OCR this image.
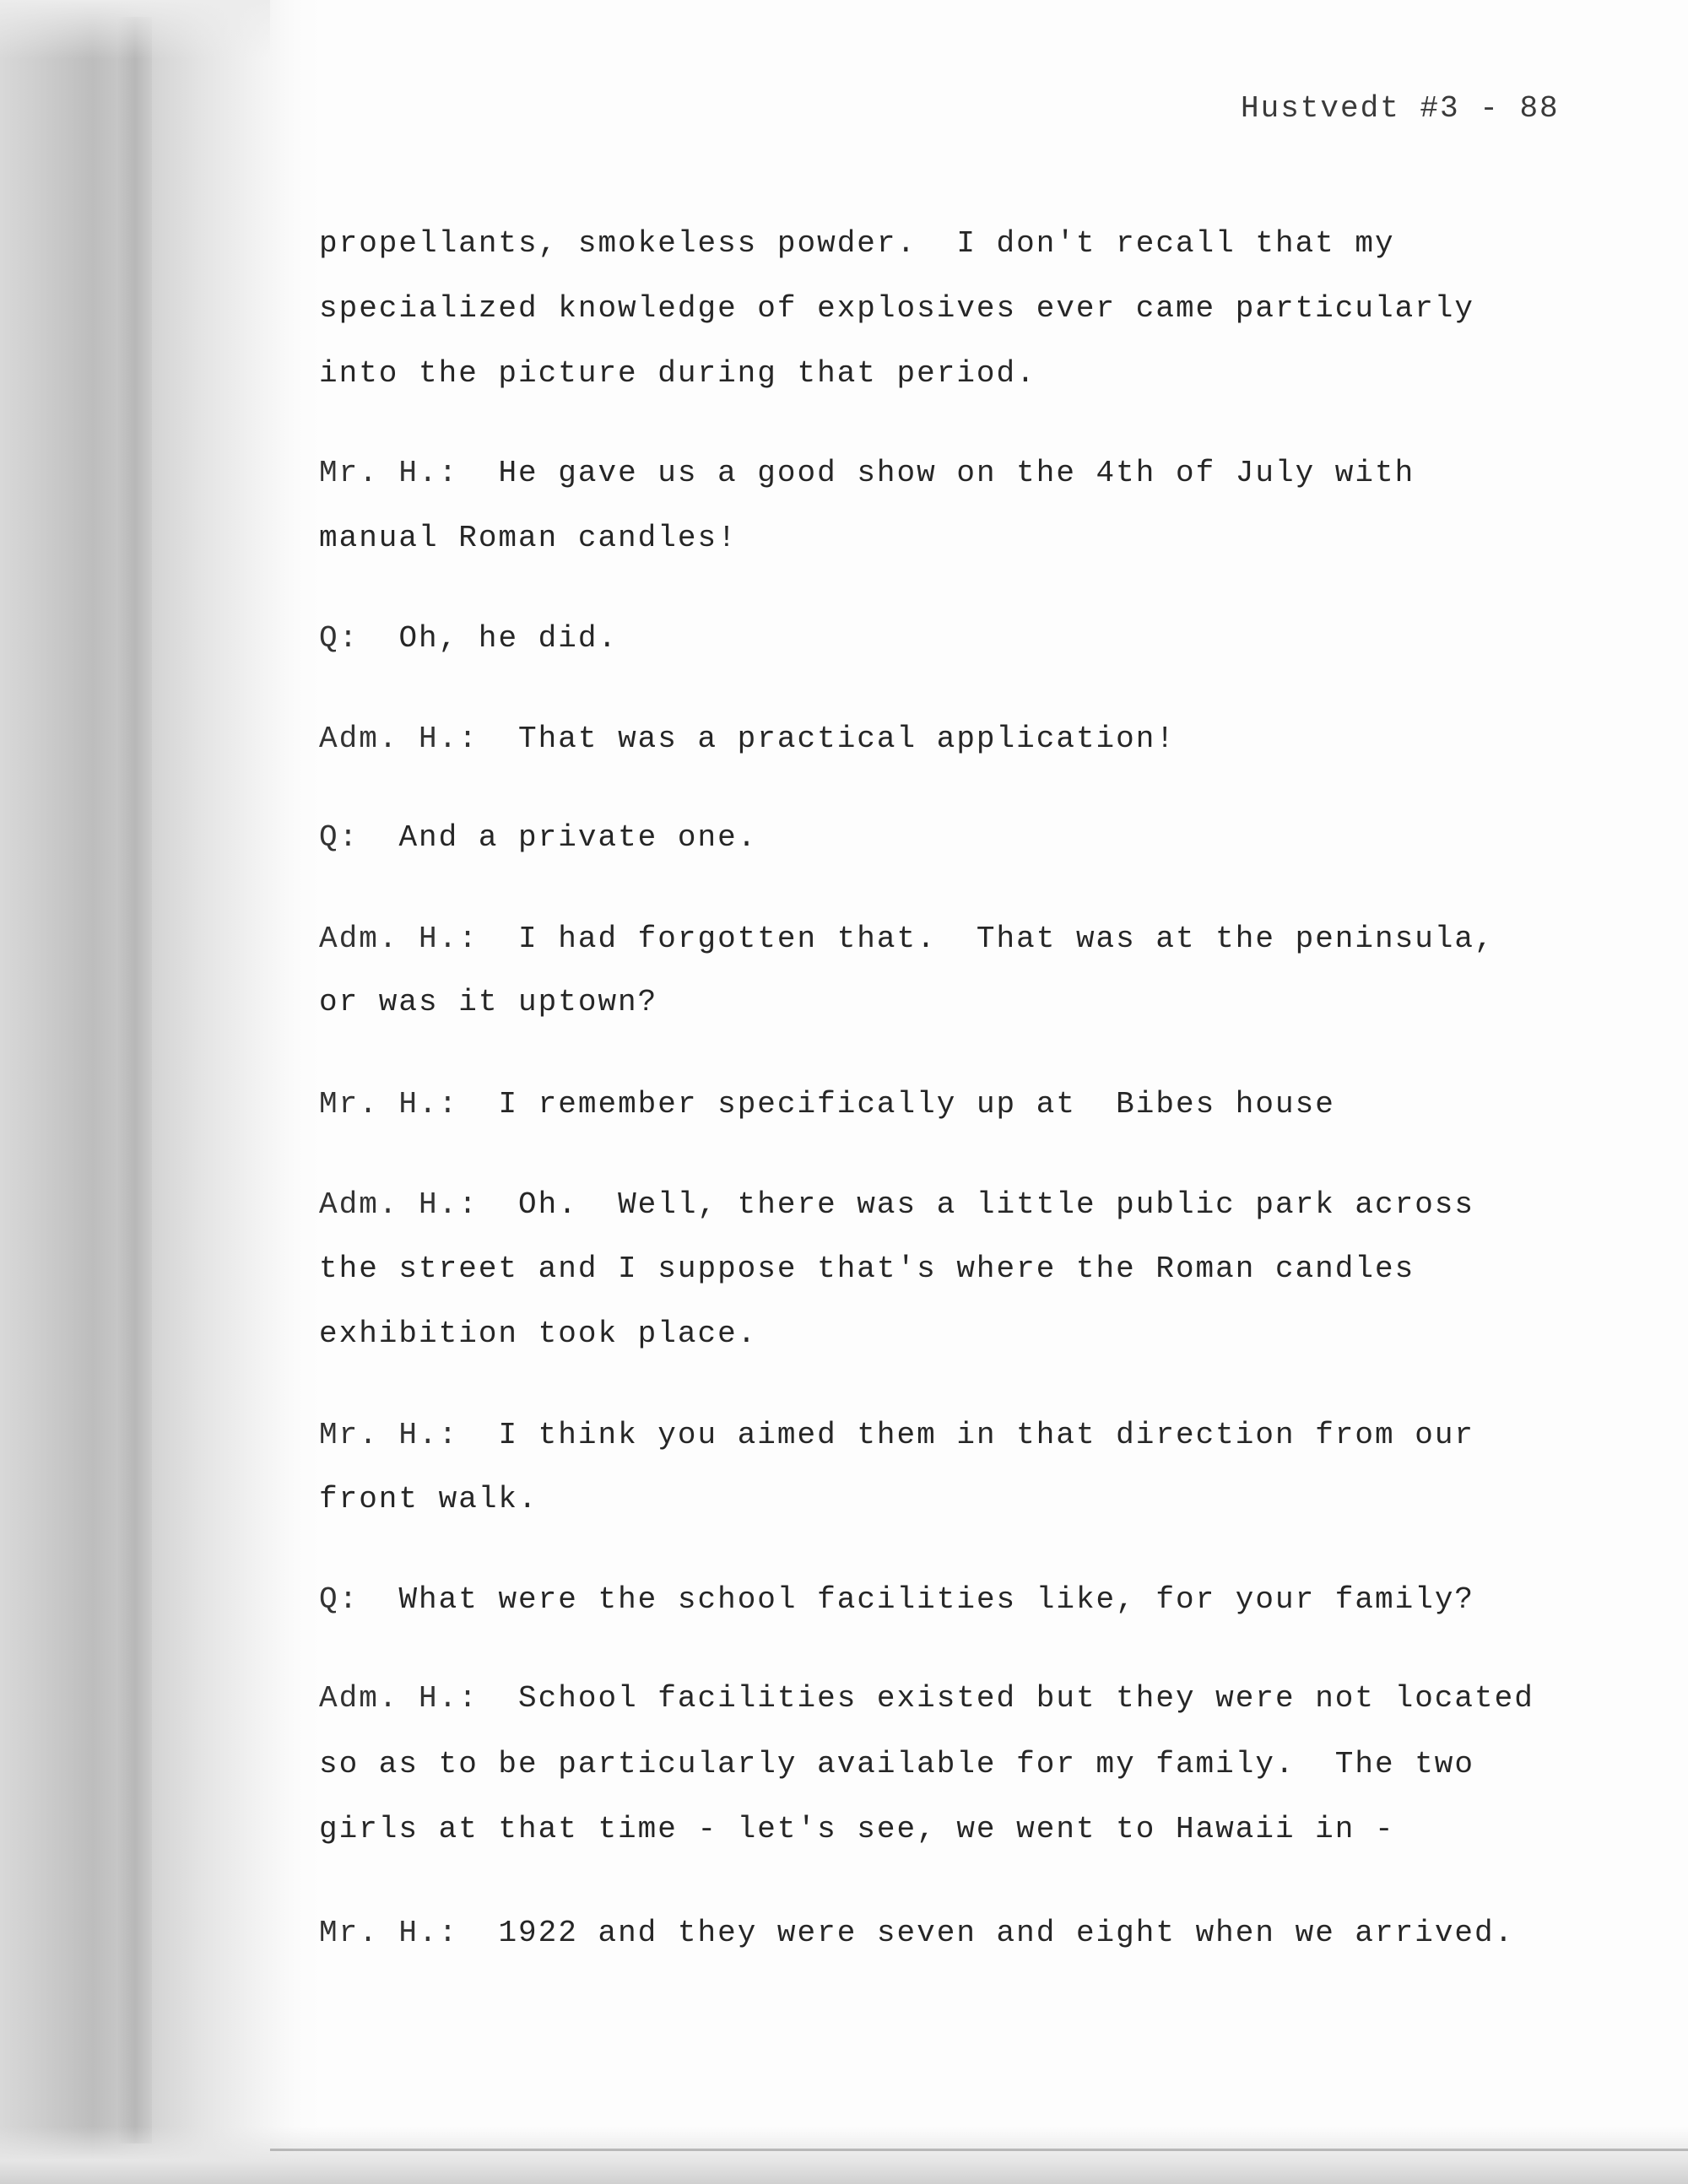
Hustvedt #3 - 88
propellants, smokeless powder.  I don't recall that my
specialized knowledge of explosives ever came particularly
into the picture during that period.
Mr. H.: He gave us a good show on the 4th of July with
manual Roman candles!
Q: Oh, he did.
Adm. H.: That was a practical application!
Q: And a private one.
Adm. H.: I had forgotten that.  That was at the peninsula,
or was it uptown?
Mr. H.: I remember specifically up at  Bibes house
Adm. H.: Oh.  Well, there was a little public park across
the street and I suppose that's where the Roman candles
exhibition took place.
Mr. H.: I think you aimed them in that direction from our
front walk.
Q: What were the school facilities like, for your family?
Adm. H.: School facilities existed but they were not located
so as to be particularly available for my family.  The two
girls at that time - let's see, we went to Hawaii in -
Mr. H.: 1922 and they were seven and eight when we arrived.
